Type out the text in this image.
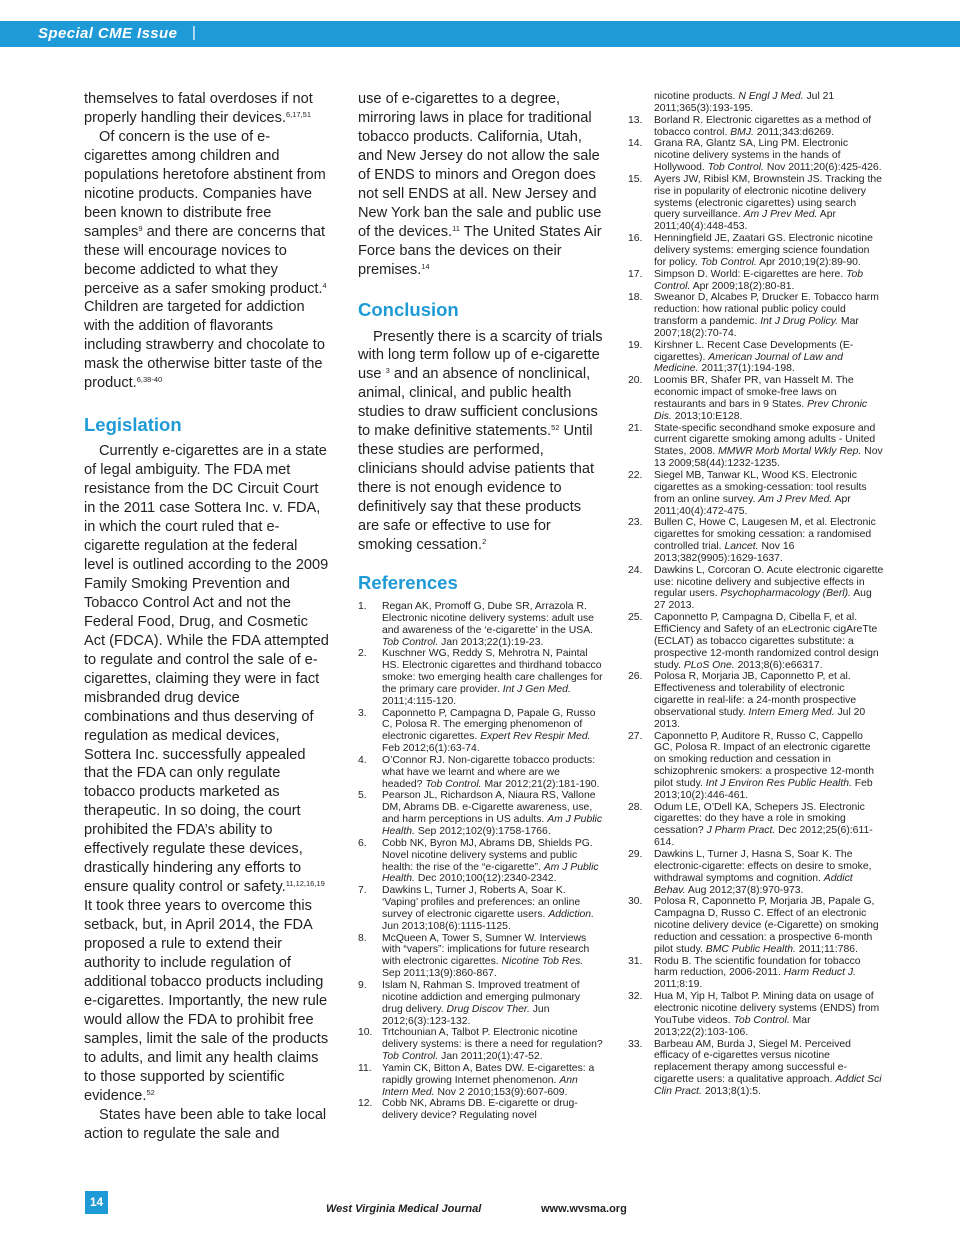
Special CME Issue |

themselves to fatal overdoses if not properly handling their devices.$^{6,17,51}$

Of concern is the use of e-cigarettes among children and populations heretofore abstinent from nicotine products. Companies have been known to distribute free samples$^9$ and there are concerns that these will encourage novices to become addicted to what they perceive as a safer smoking product.$^4$ Children are targeted for addiction with the addition of flavorants including strawberry and chocolate to mask the otherwise bitter taste of the product.$^{6,38-40}$

Legislation

Currently e-cigarettes are in a state of legal ambiguity. The FDA met resistance from the DC Circuit Court in the 2011 case Sottera Inc. v. FDA, in which the court ruled that e-cigarette regulation at the federal level is outlined according to the 2009 Family Smoking Prevention and Tobacco Control Act and not the Federal Food, Drug, and Cosmetic Act (FDCA). While the FDA attempted to regulate and control the sale of e-cigarettes, claiming they were in fact misbranded drug device combinations and thus deserving of regulation as medical devices, Sottera Inc. successfully appealed that the FDA can only regulate tobacco products marketed as therapeutic. In so doing, the court prohibited the FDA’s ability to effectively regulate these devices, drastically hindering any efforts to ensure quality control or safety.$^{11,12,16,19}$ It took three years to overcome this setback, but, in April 2014, the FDA proposed a rule to extend their authority to include regulation of additional tobacco products including e-cigarettes. Importantly, the new rule would allow the FDA to prohibit free samples, limit the sale of the products to adults, and limit any health claims to those supported by scientific evidence.$^{52}$

States have been able to take local action to regulate the sale and

use of e-cigarettes to a degree, mirroring laws in place for traditional tobacco products. California, Utah, and New Jersey do not allow the sale of ENDS to minors and Oregon does not sell ENDS at all. New Jersey and New York ban the sale and public use of the devices.$^{11}$ The United States Air Force bans the devices on their premises.$^{14}$

Conclusion

Presently there is a scarcity of trials with long term follow up of e-cigarette use $^3$ and an absence of nonclinical, animal, clinical, and public health studies to draw sufficient conclusions to make definitive statements.$^{52}$ Until these studies are performed, clinicians should advise patients that there is not enough evidence to definitively say that these products are safe or effective to use for smoking cessation.$^2$

References
1. Regan AK, Promoff G, Dube SR, Arrazola R. Electronic nicotine delivery systems: adult use and awareness of the ‘e-cigarette’ in the USA. Tob Control. Jan 2013;22(1):19-23.
2. Kuschner WG, Reddy S, Mehrotra N, Paintal HS. Electronic cigarettes and thirdhand tobacco smoke: two emerging health care challenges for the primary care provider. Int J Gen Med. 2011;4:115-120.
3. Caponnetto P, Campagna D, Papale G, Russo C, Polosa R. The emerging phenomenon of electronic cigarettes. Expert Rev Respir Med. Feb 2012;6(1):63-74.
4. O’Connor RJ. Non-cigarette tobacco products: what have we learnt and where are we headed? Tob Control. Mar 2012;21(2):181-190.
5. Pearson JL, Richardson A, Niaura RS, Vallone DM, Abrams DB. e-Cigarette awareness, use, and harm perceptions in US adults. Am J Public Health. Sep 2012;102(9):1758-1766.
6. Cobb NK, Byron MJ, Abrams DB, Shields PG. Novel nicotine delivery systems and public health: the rise of the “e-cigarette”. Am J Public Health. Dec 2010;100(12):2340-2342.
7. Dawkins L, Turner J, Roberts A, Soar K. ‘Vaping’ profiles and preferences: an online survey of electronic cigarette users. Addiction. Jun 2013;108(6):1115-1125.
8. McQueen A, Tower S, Sumner W. Interviews with “vapers”: implications for future research with electronic cigarettes. Nicotine Tob Res. Sep 2011;13(9):860-867.
9. Islam N, Rahman S. Improved treatment of nicotine addiction and emerging pulmonary drug delivery. Drug Discov Ther. Jun 2012;6(3):123-132.
10. Trtchounian A, Talbot P. Electronic nicotine delivery systems: is there a need for regulation? Tob Control. Jan 2011;20(1):47-52.
11. Yamin CK, Bitton A, Bates DW. E-cigarettes: a rapidly growing Internet phenomenon. Ann Intern Med. Nov 2 2010;153(9):607-609.
12. Cobb NK, Abrams DB. E-cigarette or drug-delivery device? Regulating novel
nicotine products. N Engl J Med. Jul 21 2011;365(3):193-195.
13. Borland R. Electronic cigarettes as a method of tobacco control. BMJ. 2011;343:d6269.
14. Grana RA, Glantz SA, Ling PM. Electronic nicotine delivery systems in the hands of Hollywood. Tob Control. Nov 2011;20(6):425-426.
15. Ayers JW, Ribisl KM, Brownstein JS. Tracking the rise in popularity of electronic nicotine delivery systems (electronic cigarettes) using search query surveillance. Am J Prev Med. Apr 2011;40(4):448-453.
16. Henningfield JE, Zaatari GS. Electronic nicotine delivery systems: emerging science foundation for policy. Tob Control. Apr 2010;19(2):89-90.
17. Simpson D. World: E-cigarettes are here. Tob Control. Apr 2009;18(2):80-81.
18. Sweanor D, Alcabes P, Drucker E. Tobacco harm reduction: how rational public policy could transform a pandemic. Int J Drug Policy. Mar 2007;18(2):70-74.
19. Kirshner L. Recent Case Developments (E-cigarettes). American Journal of Law and Medicine. 2011;37(1):194-198.
20. Loomis BR, Shafer PR, van Hasselt M. The economic impact of smoke-free laws on restaurants and bars in 9 States. Prev Chronic Dis. 2013;10:E128.
21. State-specific secondhand smoke exposure and current cigarette smoking among adults - United States, 2008. MMWR Morb Mortal Wkly Rep. Nov 13 2009;58(44):1232-1235.
22. Siegel MB, Tanwar KL, Wood KS. Electronic cigarettes as a smoking-cessation: tool results from an online survey. Am J Prev Med. Apr 2011;40(4):472-475.
23. Bullen C, Howe C, Laugesen M, et al. Electronic cigarettes for smoking cessation: a randomised controlled trial. Lancet. Nov 16 2013;382(9905):1629-1637.
24. Dawkins L, Corcoran O. Acute electronic cigarette use: nicotine delivery and subjective effects in regular users. Psychopharmacology (Berl). Aug 27 2013.
25. Caponnetto P, Campagna D, Cibella F, et al. EffiCiency and Safety of an eLectronic cigAreTte (ECLAT) as tobacco cigarettes substitute: a prospective 12-month randomized control design study. PLoS One. 2013;8(6):e66317.
26. Polosa R, Morjaria JB, Caponnetto P, et al. Effectiveness and tolerability of electronic cigarette in real-life: a 24-month prospective observational study. Intern Emerg Med. Jul 20 2013.
27. Caponnetto P, Auditore R, Russo C, Cappello GC, Polosa R. Impact of an electronic cigarette on smoking reduction and cessation in schizophrenic smokers: a prospective 12-month pilot study. Int J Environ Res Public Health. Feb 2013;10(2):446-461.
28. Odum LE, O’Dell KA, Schepers JS. Electronic cigarettes: do they have a role in smoking cessation? J Pharm Pract. Dec 2012;25(6):611-614.
29. Dawkins L, Turner J, Hasna S, Soar K. The electronic-cigarette: effects on desire to smoke, withdrawal symptoms and cognition. Addict Behav. Aug 2012;37(8):970-973.
30. Polosa R, Caponnetto P, Morjaria JB, Papale G, Campagna D, Russo C. Effect of an electronic nicotine delivery device (e-Cigarette) on smoking reduction and cessation: a prospective 6-month pilot study. BMC Public Health. 2011;11:786.
31. Rodu B. The scientific foundation for tobacco harm reduction, 2006-2011. Harm Reduct J. 2011;8:19.
32. Hua M, Yip H, Talbot P. Mining data on usage of electronic nicotine delivery systems (ENDS) from YouTube videos. Tob Control. Mar 2013;22(2):103-106.
33. Barbeau AM, Burda J, Siegel M. Perceived efficacy of e-cigarettes versus nicotine replacement therapy among successful e-cigarette users: a qualitative approach. Addict Sci Clin Pract. 2013;8(1):5.
14	West Virginia Medical Journal	www.wvsma.org
